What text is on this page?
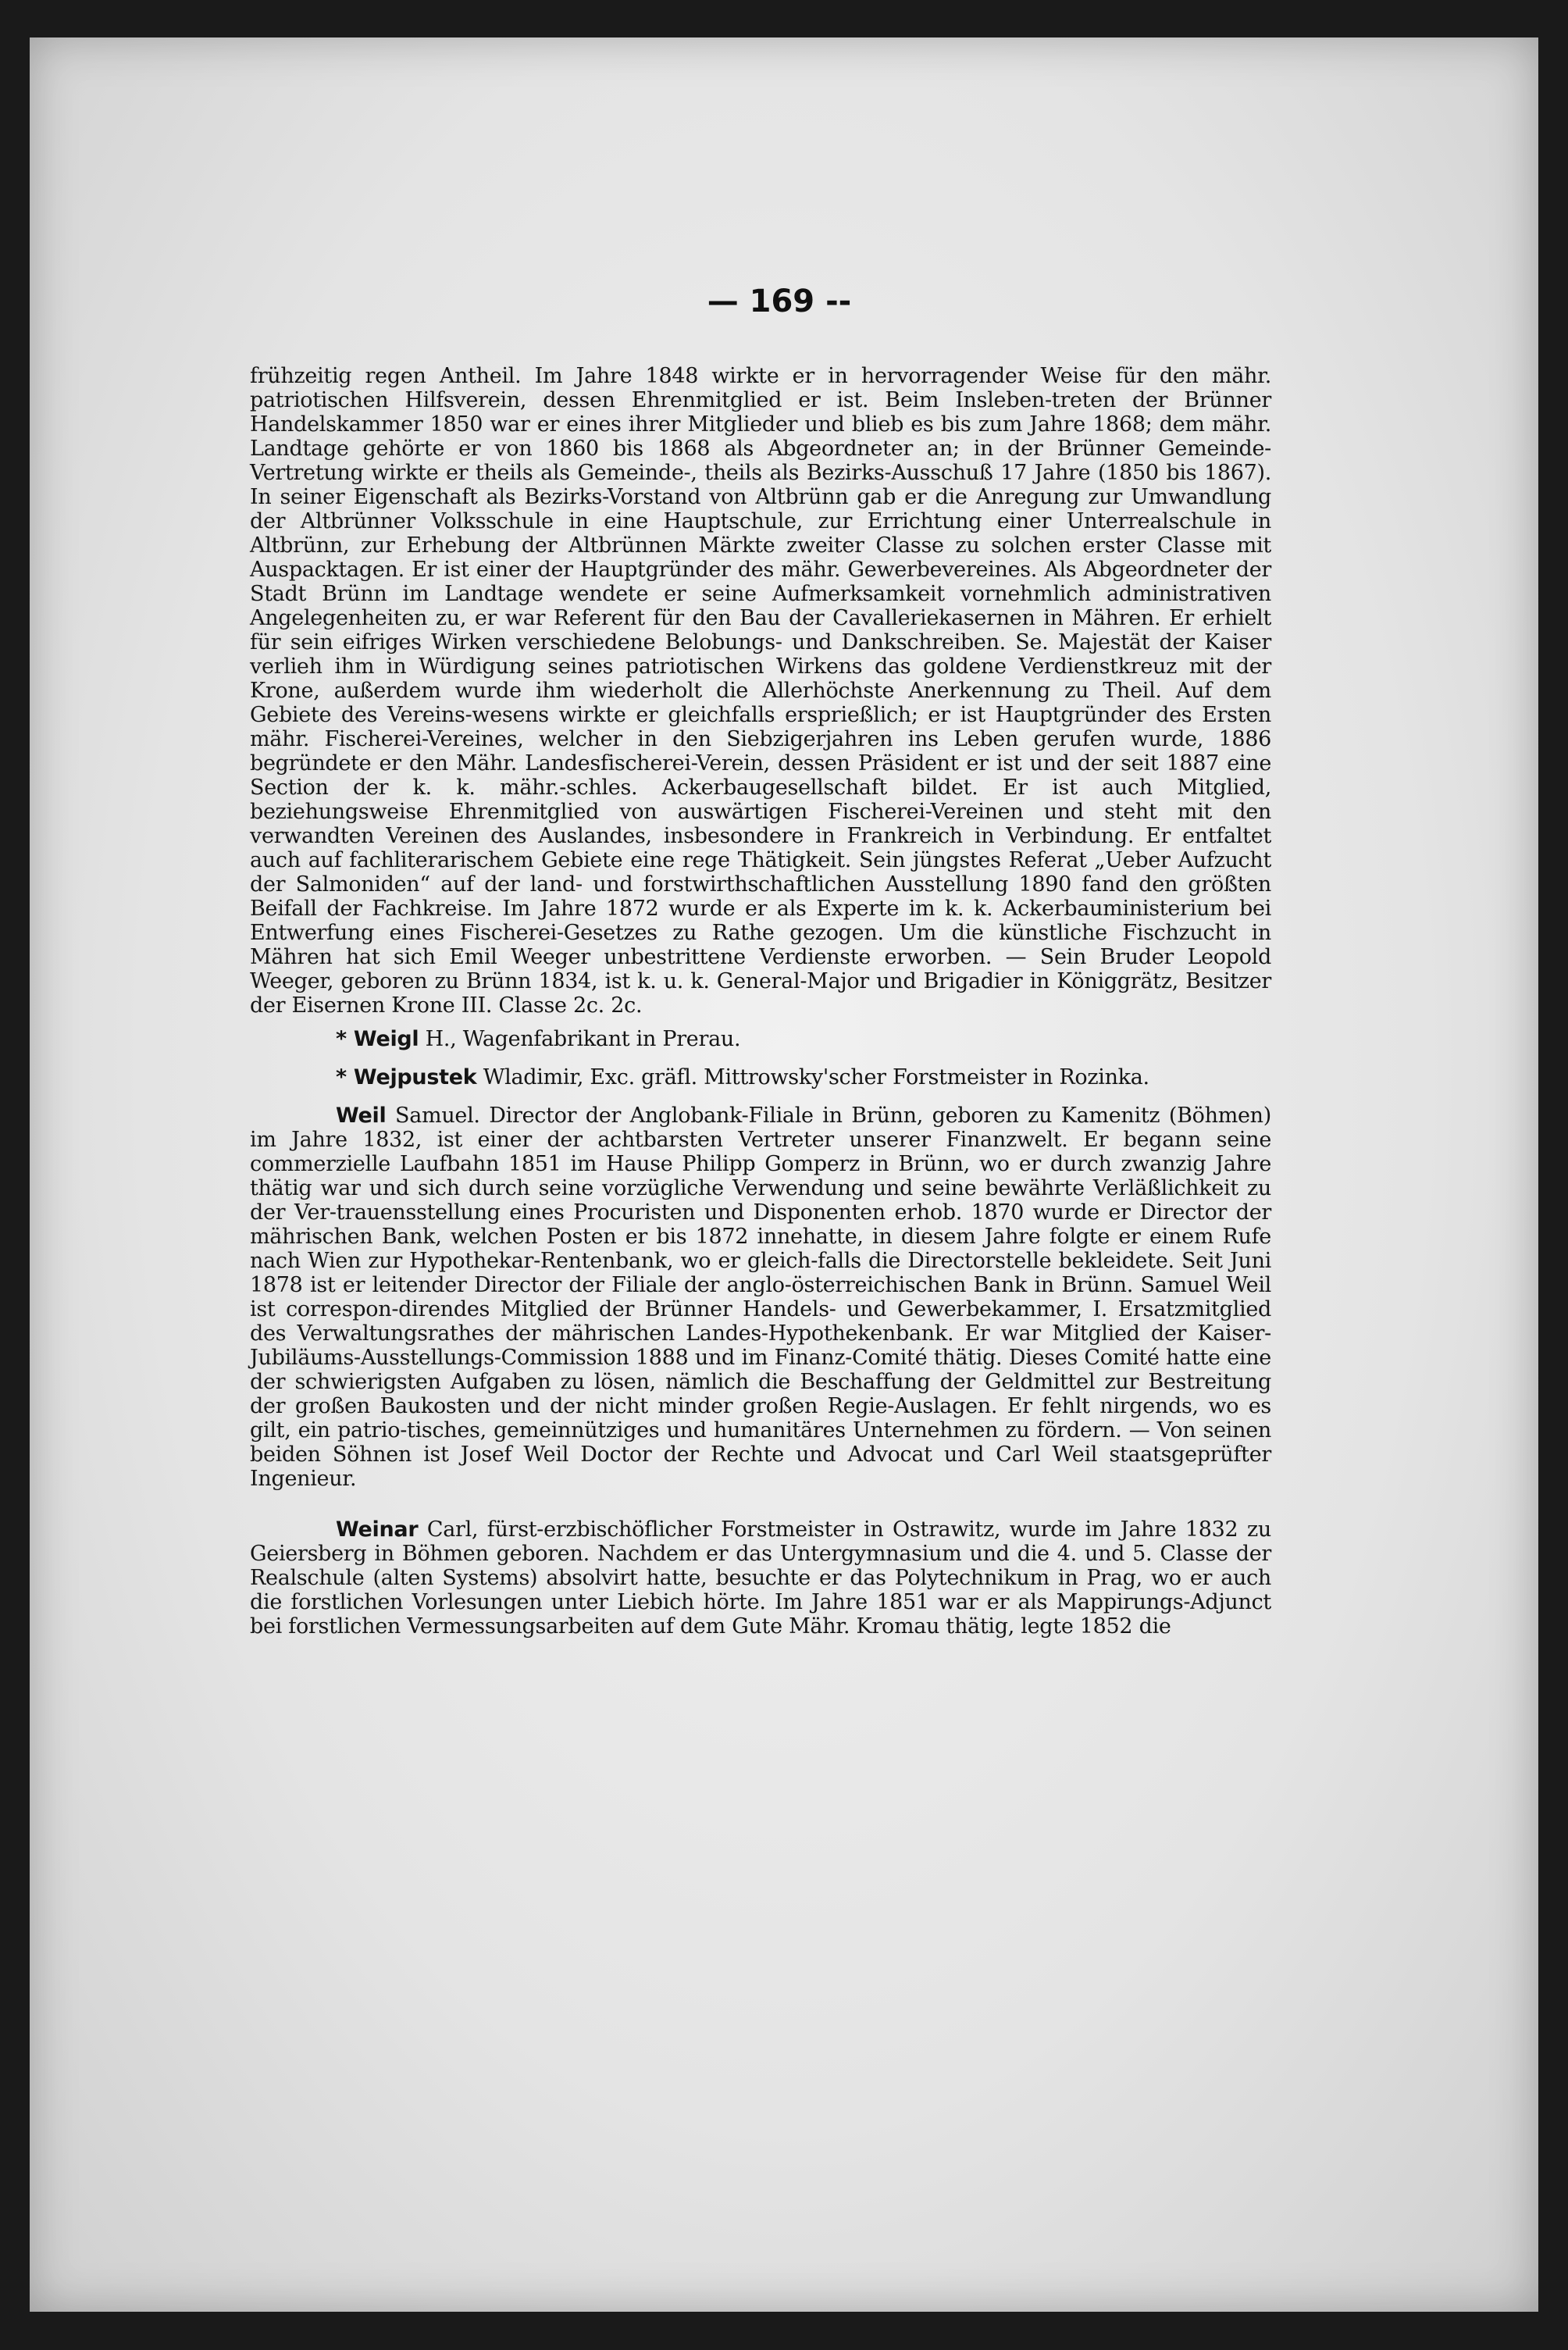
— 169 --

frühzeitig regen Antheil. Im Jahre 1848 wirkte er in hervorragender Weise für den mähr. patriotischen Hilfsverein, dessen Ehrenmitglied er ist. Beim Insleben-treten der Brünner Handelskammer 1850 war er eines ihrer Mitglieder und blieb es bis zum Jahre 1868; dem mähr. Landtage gehörte er von 1860 bis 1868 als Abgeordneter an; in der Brünner Gemeinde-Vertretung wirkte er theils als Gemeinde-, theils als Bezirks-Ausschuß 17 Jahre (1850 bis 1867). In seiner Eigenschaft als Bezirks-Vorstand von Altbrünn gab er die Anregung zur Umwandlung der Altbrünner Volksschule in eine Hauptschule, zur Errichtung einer Unterrealschule in Altbrünn, zur Erhebung der Altbrünnen Märkte zweiter Classe zu solchen erster Classe mit Auspacktagen. Er ist einer der Hauptgründer des mähr. Gewerbevereines. Als Abgeordneter der Stadt Brünn im Landtage wendete er seine Aufmerksamkeit vornehmlich administrativen Angelegenheiten zu, er war Referent für den Bau der Cavalleriekasernen in Mähren. Er erhielt für sein eifriges Wirken verschiedene Belobungs- und Dankschreiben. Se. Majestät der Kaiser verlieh ihm in Würdigung seines patriotischen Wirkens das goldene Verdienstkreuz mit der Krone, außerdem wurde ihm wiederholt die Allerhöchste Anerkennung zu Theil. Auf dem Gebiete des Vereins-wesens wirkte er gleichfalls ersprießlich; er ist Hauptgründer des Ersten mähr. Fischerei-Vereines, welcher in den Siebzigerjahren ins Leben gerufen wurde, 1886 begründete er den Mähr. Landesfischerei-Verein, dessen Präsident er ist und der seit 1887 eine Section der k. k. mähr.-schles. Ackerbaugesellschaft bildet. Er ist auch Mitglied, beziehungsweise Ehrenmitglied von auswärtigen Fischerei-Vereinen und steht mit den verwandten Vereinen des Auslandes, insbesondere in Frankreich in Verbindung. Er entfaltet auch auf fachliterarischem Gebiete eine rege Thätigkeit. Sein jüngstes Referat „Ueber Aufzucht der Salmoniden“ auf der land- und forstwirthschaftlichen Ausstellung 1890 fand den größten Beifall der Fachkreise. Im Jahre 1872 wurde er als Experte im k. k. Ackerbauministerium bei Entwerfung eines Fischerei-Gesetzes zu Rathe gezogen. Um die künstliche Fischzucht in Mähren hat sich Emil Weeger unbestrittene Verdienste erworben. — Sein Bruder Leopold Weeger, geboren zu Brünn 1834, ist k. u. k. General-Major und Brigadier in Königgrätz, Besitzer der Eisernen Krone III. Classe 2c. 2c.

* Weigl H., Wagenfabrikant in Prerau.

* Wejpustek Wladimir, Exc. gräfl. Mittrowsky'scher Forstmeister in Rozinka.

Weil Samuel. Director der Anglobank-Filiale in Brünn, geboren zu Kamenitz (Böhmen) im Jahre 1832, ist einer der achtbarsten Vertreter unserer Finanzwelt. Er begann seine commerzielle Laufbahn 1851 im Hause Philipp Gomperz in Brünn, wo er durch zwanzig Jahre thätig war und sich durch seine vorzügliche Verwendung und seine bewährte Verläßlichkeit zu der Ver-trauensstellung eines Procuristen und Disponenten erhob. 1870 wurde er Director der mährischen Bank, welchen Posten er bis 1872 innehatte, in diesem Jahre folgte er einem Rufe nach Wien zur Hypothekar-Rentenbank, wo er gleich-falls die Directorstelle bekleidete. Seit Juni 1878 ist er leitender Director der Filiale der anglo-österreichischen Bank in Brünn. Samuel Weil ist correspon-direndes Mitglied der Brünner Handels- und Gewerbekammer, I. Ersatzmitglied des Verwaltungsrathes der mährischen Landes-Hypothekenbank. Er war Mitglied der Kaiser-Jubiläums-Ausstellungs-Commission 1888 und im Finanz-Comité thätig. Dieses Comité hatte eine der schwierigsten Aufgaben zu lösen, nämlich die Beschaffung der Geldmittel zur Bestreitung der großen Baukosten und der nicht minder großen Regie-Auslagen. Er fehlt nirgends, wo es gilt, ein patrio-tisches, gemeinnütziges und humanitäres Unternehmen zu fördern. — Von seinen beiden Söhnen ist Josef Weil Doctor der Rechte und Advocat und Carl Weil staatsgeprüfter Ingenieur.

Weinar Carl, fürst-erzbischöflicher Forstmeister in Ostrawitz, wurde im Jahre 1832 zu Geiersberg in Böhmen geboren. Nachdem er das Untergymnasium und die 4. und 5. Classe der Realschule (alten Systems) absolvirt hatte, besuchte er das Polytechnikum in Prag, wo er auch die forstlichen Vorlesungen unter Liebich hörte. Im Jahre 1851 war er als Mappirungs-Adjunct bei forstlichen Vermessungsarbeiten auf dem Gute Mähr. Kromau thätig, legte 1852 die
